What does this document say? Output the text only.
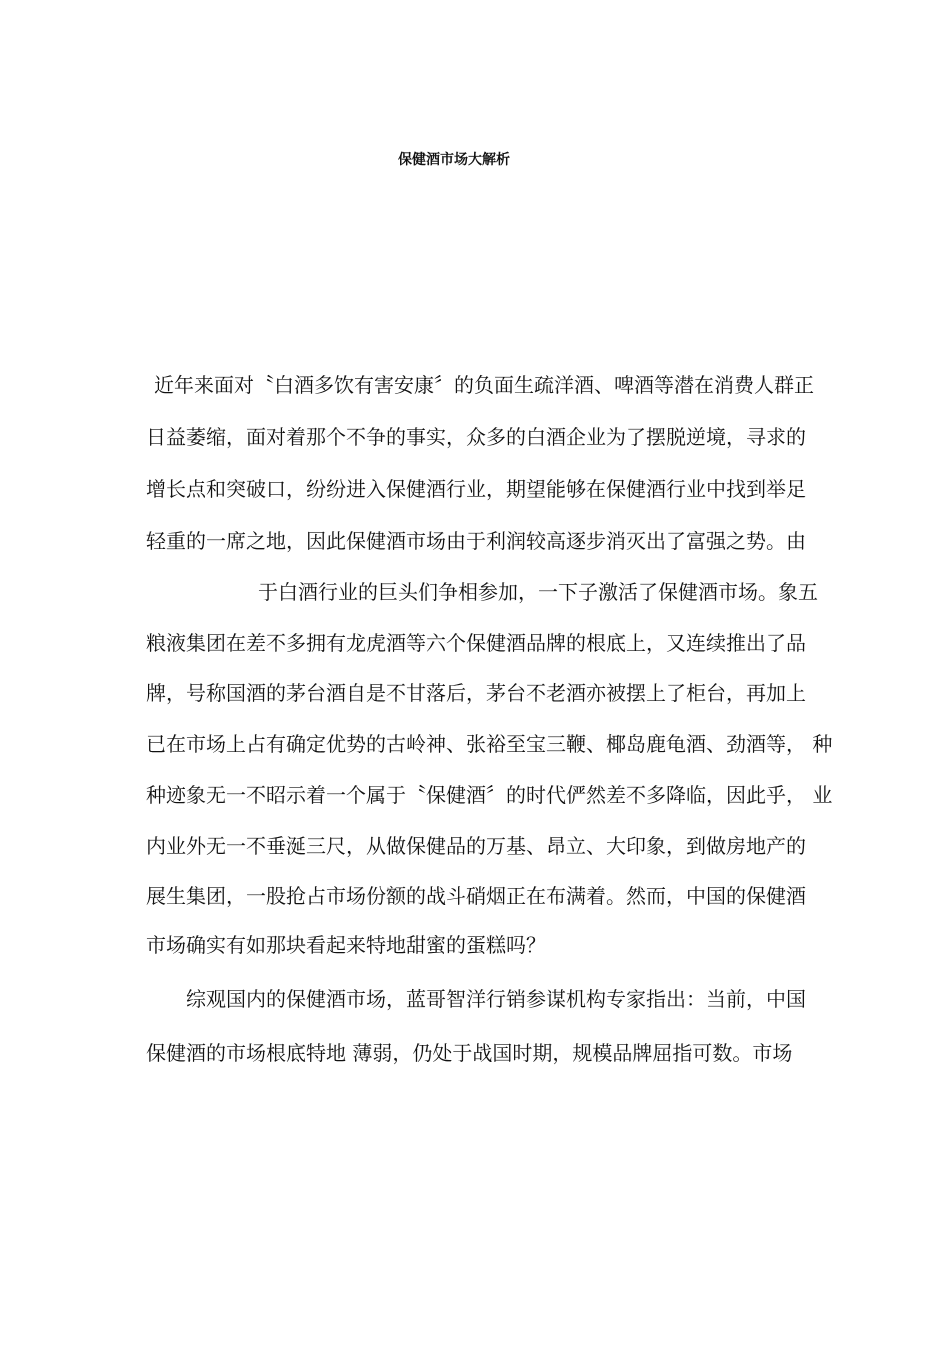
保健酒市场大解析
近年来面对〝白酒多饮有害安康〞的负面生疏洋酒、啤酒等潜在消费人群正
日益萎缩，面对着那个不争的事实，众多的白酒企业为了摆脱逆境，寻求的
增长点和突破口，纷纷进入保健酒行业，期望能够在保健酒行业中找到举足
轻重的一席之地，因此保健酒市场由于利润较高逐步消灭出了富强之势。由
于白酒行业的巨头们争相参加，一下子激活了保健酒市场。象五
粮液集团在差不多拥有龙虎酒等六个保健酒品牌的根底上，又连续推出了品
牌，号称国酒的茅台酒自是不甘落后，茅台不老酒亦被摆上了柜台，再加上
已在市场上占有确定优势的古岭神、张裕至宝三鞭、椰岛鹿龟酒、劲酒等， 种
种迹象无一不昭示着一个属于〝保健酒〞的时代俨然差不多降临，因此乎， 业
内业外无一不垂涎三尺，从做保健品的万基、昂立、大印象，到做房地产的
展生集团，一股抢占市场份额的战斗硝烟正在布满着。然而，中国的保健酒
市场确实有如那块看起来特地甜蜜的蛋糕吗？
综观国内的保健酒市场，蓝哥智洋行销参谋机构专家指出：当前，中国
保健酒的市场根底特地 薄弱，仍处于战国时期，规模品牌屈指可数。市场
